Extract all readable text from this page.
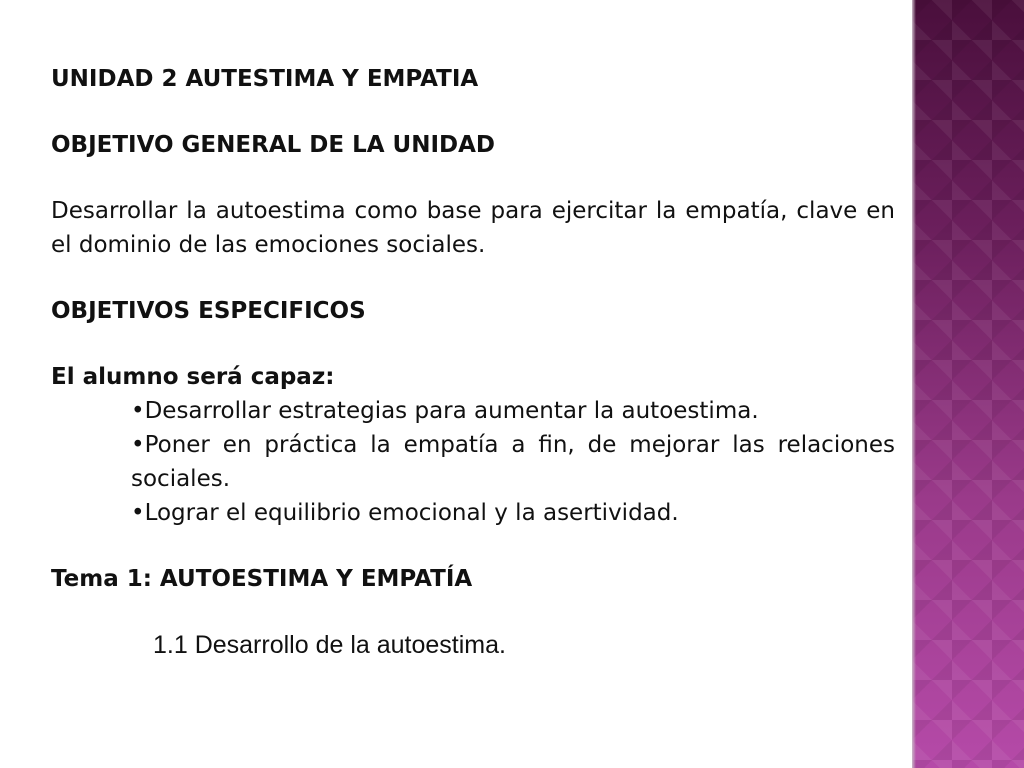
UNIDAD 2 AUTESTIMA Y EMPATIA

OBJETIVO GENERAL DE LA UNIDAD

Desarrollar la autoestima como base para ejercitar la empatía, clave en el dominio de las emociones sociales.

OBJETIVOS ESPECIFICOS

El alumno será capaz:

• Desarrollar estrategias para aumentar la autoestima.
• Poner en práctica la empatía a fin, de mejorar las relaciones sociales.
• Lograr el equilibrio emocional y la asertividad.

Tema 1: AUTOESTIMA Y EMPATÍA

1.1 Desarrollo de la autoestima.
